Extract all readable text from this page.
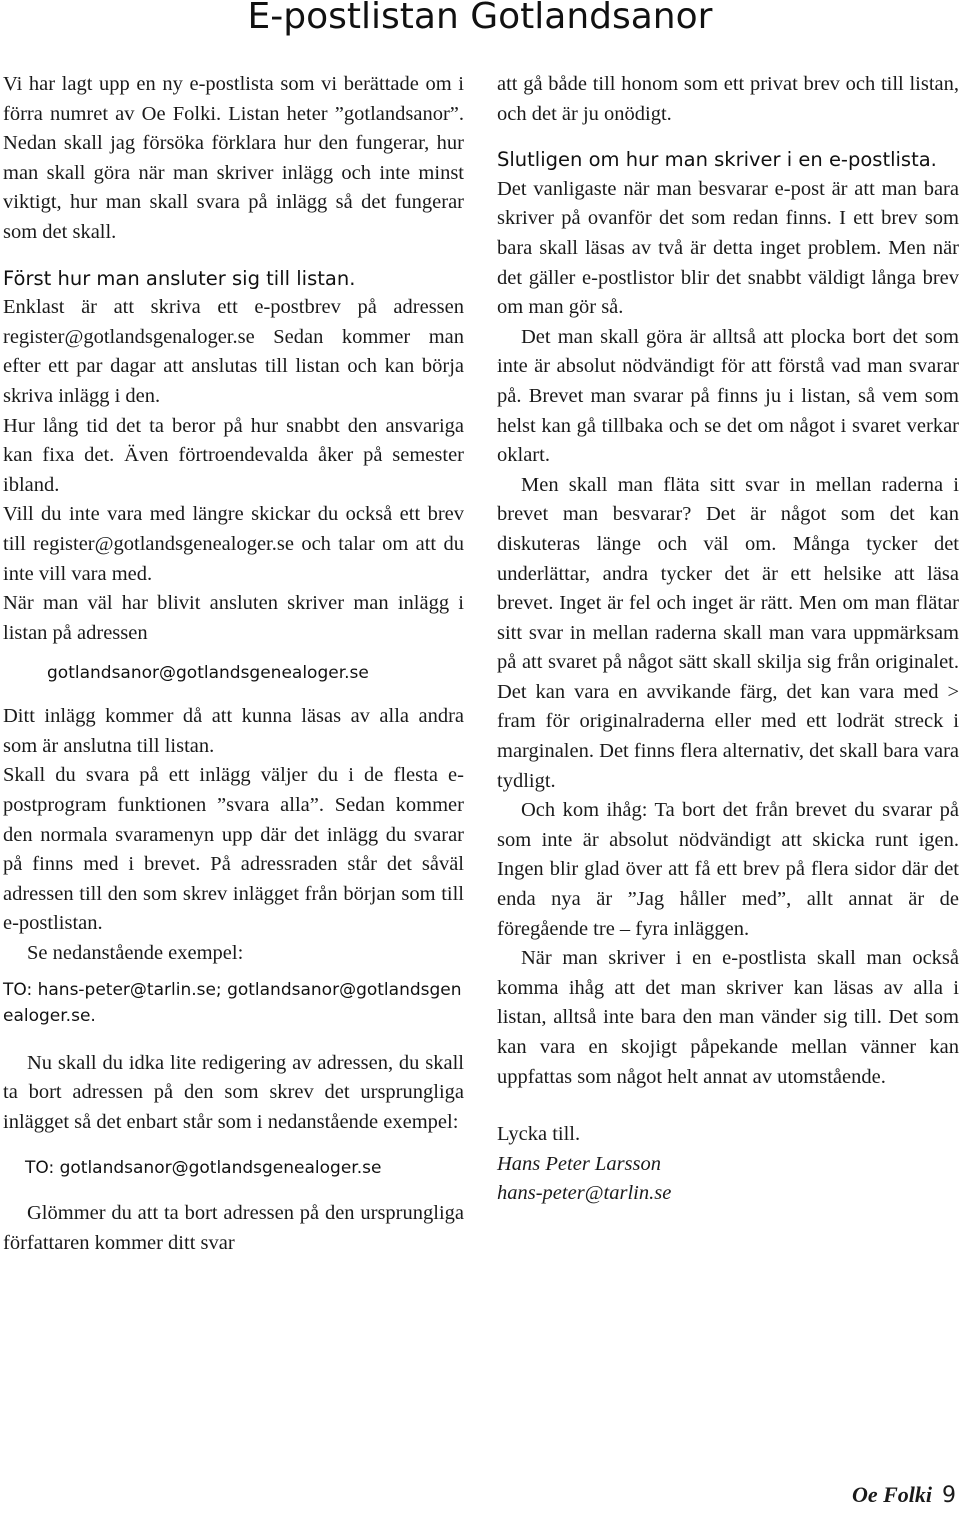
E-postlistan Gotlandsanor

Vi har lagt upp en ny e-postlista som vi berättade om i förra numret av Oe Folki. Listan heter ”gotlandsanor”. Nedan skall jag försöka förklara hur den fungerar, hur man skall göra när man skriver inlägg och inte minst viktigt, hur man skall svara på inlägg så det fungerar som det skall.

Först hur man ansluter sig till listan.

Enklast är att skriva ett e-postbrev på adressen register@gotlandsgenaloger.se Sedan kommer man efter ett par dagar att anslutas till listan och kan börja skriva inlägg i den.

Hur lång tid det ta beror på hur snabbt den ansvariga kan fixa det. Även förtroendevalda åker på semester ibland.

Vill du inte vara med längre skickar du också ett brev till register@gotlandsgenealoger.se och talar om att du inte vill vara med.

När man väl har blivit ansluten skriver man inlägg i listan på adressen

gotlandsanor@gotlandsgenealoger.se

Ditt inlägg kommer då att kunna läsas av alla andra som är anslutna till listan.

Skall du svara på ett inlägg väljer du i de flesta e-postprogram funktionen ”svara alla”. Sedan kommer den normala svaramenyn upp där det inlägg du svarar på finns med i brevet. På adressraden står det såväl adressen till den som skrev inlägget från början som till e-postlistan.

Se nedanstående exempel:

TO: hans-peter@tarlin.se; gotlandsanor@gotlandsgenealoger.se.

Nu skall du idka lite redigering av adressen, du skall ta bort adressen på den som skrev det ursprungliga inlägget så det enbart står som i nedanstående exempel:

TO: gotlandsanor@gotlandsgenealoger.se

Glömmer du att ta bort adressen på den ursprungliga författaren kommer ditt svar

att gå både till honom som ett privat brev och till listan, och det är ju onödigt.

Slutligen om hur man skriver i en e-postlista.

Det vanligaste när man besvarar e-post är att man bara skriver på ovanför det som redan finns. I ett brev som bara skall läsas av två är detta inget problem. Men när det gäller e-postlistor blir det snabbt väldigt långa brev om man gör så.

Det man skall göra är alltså att plocka bort det som inte är absolut nödvändigt för att förstå vad man svarar på. Brevet man svarar på finns ju i listan, så vem som helst kan gå tillbaka och se det om något i svaret verkar oklart.

Men skall man fläta sitt svar in mellan raderna i brevet man besvarar? Det är något som det kan diskuteras länge och väl om. Många tycker det underlättar, andra tycker det är ett helsike att läsa brevet. Inget är fel och inget är rätt. Men om man flätar sitt svar in mellan raderna skall man vara uppmärksam på att svaret på något sätt skall skilja sig från originalet. Det kan vara en avvikande färg, det kan vara med > fram för originalraderna eller med ett lodrät streck i marginalen. Det finns flera alternativ, det skall bara vara tydligt.

Och kom ihåg: Ta bort det från brevet du svarar på som inte är absolut nödvändigt att skicka runt igen. Ingen blir glad över att få ett brev på flera sidor där det enda nya är ”Jag håller med”, allt annat är de föregående tre – fyra inläggen.

När man skriver i en e-postlista skall man också komma ihåg att det man skriver kan läsas av alla i listan, alltså inte bara den man vänder sig till. Det som kan vara en skojigt påpekande mellan vänner kan uppfattas som något helt annat av utomstående.

Lycka till.

Hans Peter Larsson

hans-peter@tarlin.se

Oe Folki 9
